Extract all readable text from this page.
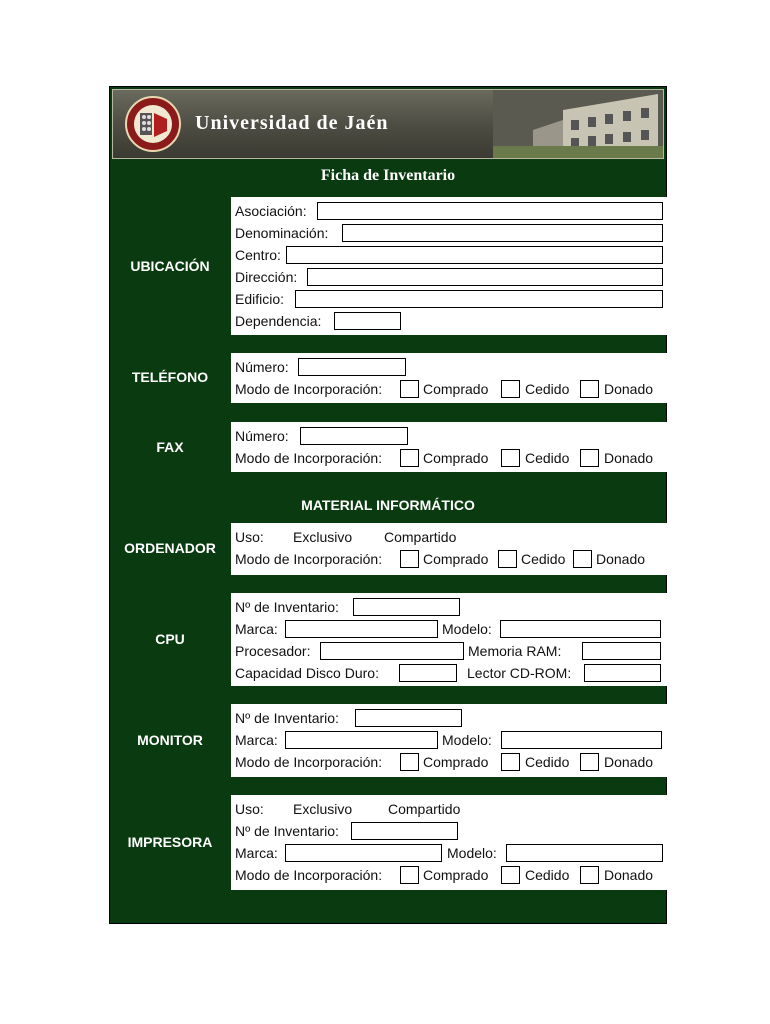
Universidad de Jaén
Ficha de Inventario
UBICACIÓN
Asociación:
Denominación:
Centro:
Dirección:
Edificio:
Dependencia:
TELÉFONO
Número:
Modo de Incorporación:	Comprado	Cedido Donado
FAX
Número:
Modo de Incorporación:	Comprado	Cedido Donado
MATERIAL INFORMÁTICO
ORDENADOR
Uso: Exclusivo Compartido
Modo de Incorporación:	Comprado Cedido Donado
CPU
Nº de Inventario:
Marca:	Modelo:
Procesador:	Memoria RAM:
Capacidad Disco Duro:	Lector CD-ROM:
MONITOR
Nº de Inventario:
Marca:	Modelo:
Modo de Incorporación:	Comprado	Cedido Donado
IMPRESORA
Uso: Exclusivo	Compartido
Nº de Inventario:
Marca:	Modelo:
Modo de Incorporación:	Comprado	Cedido Donado
